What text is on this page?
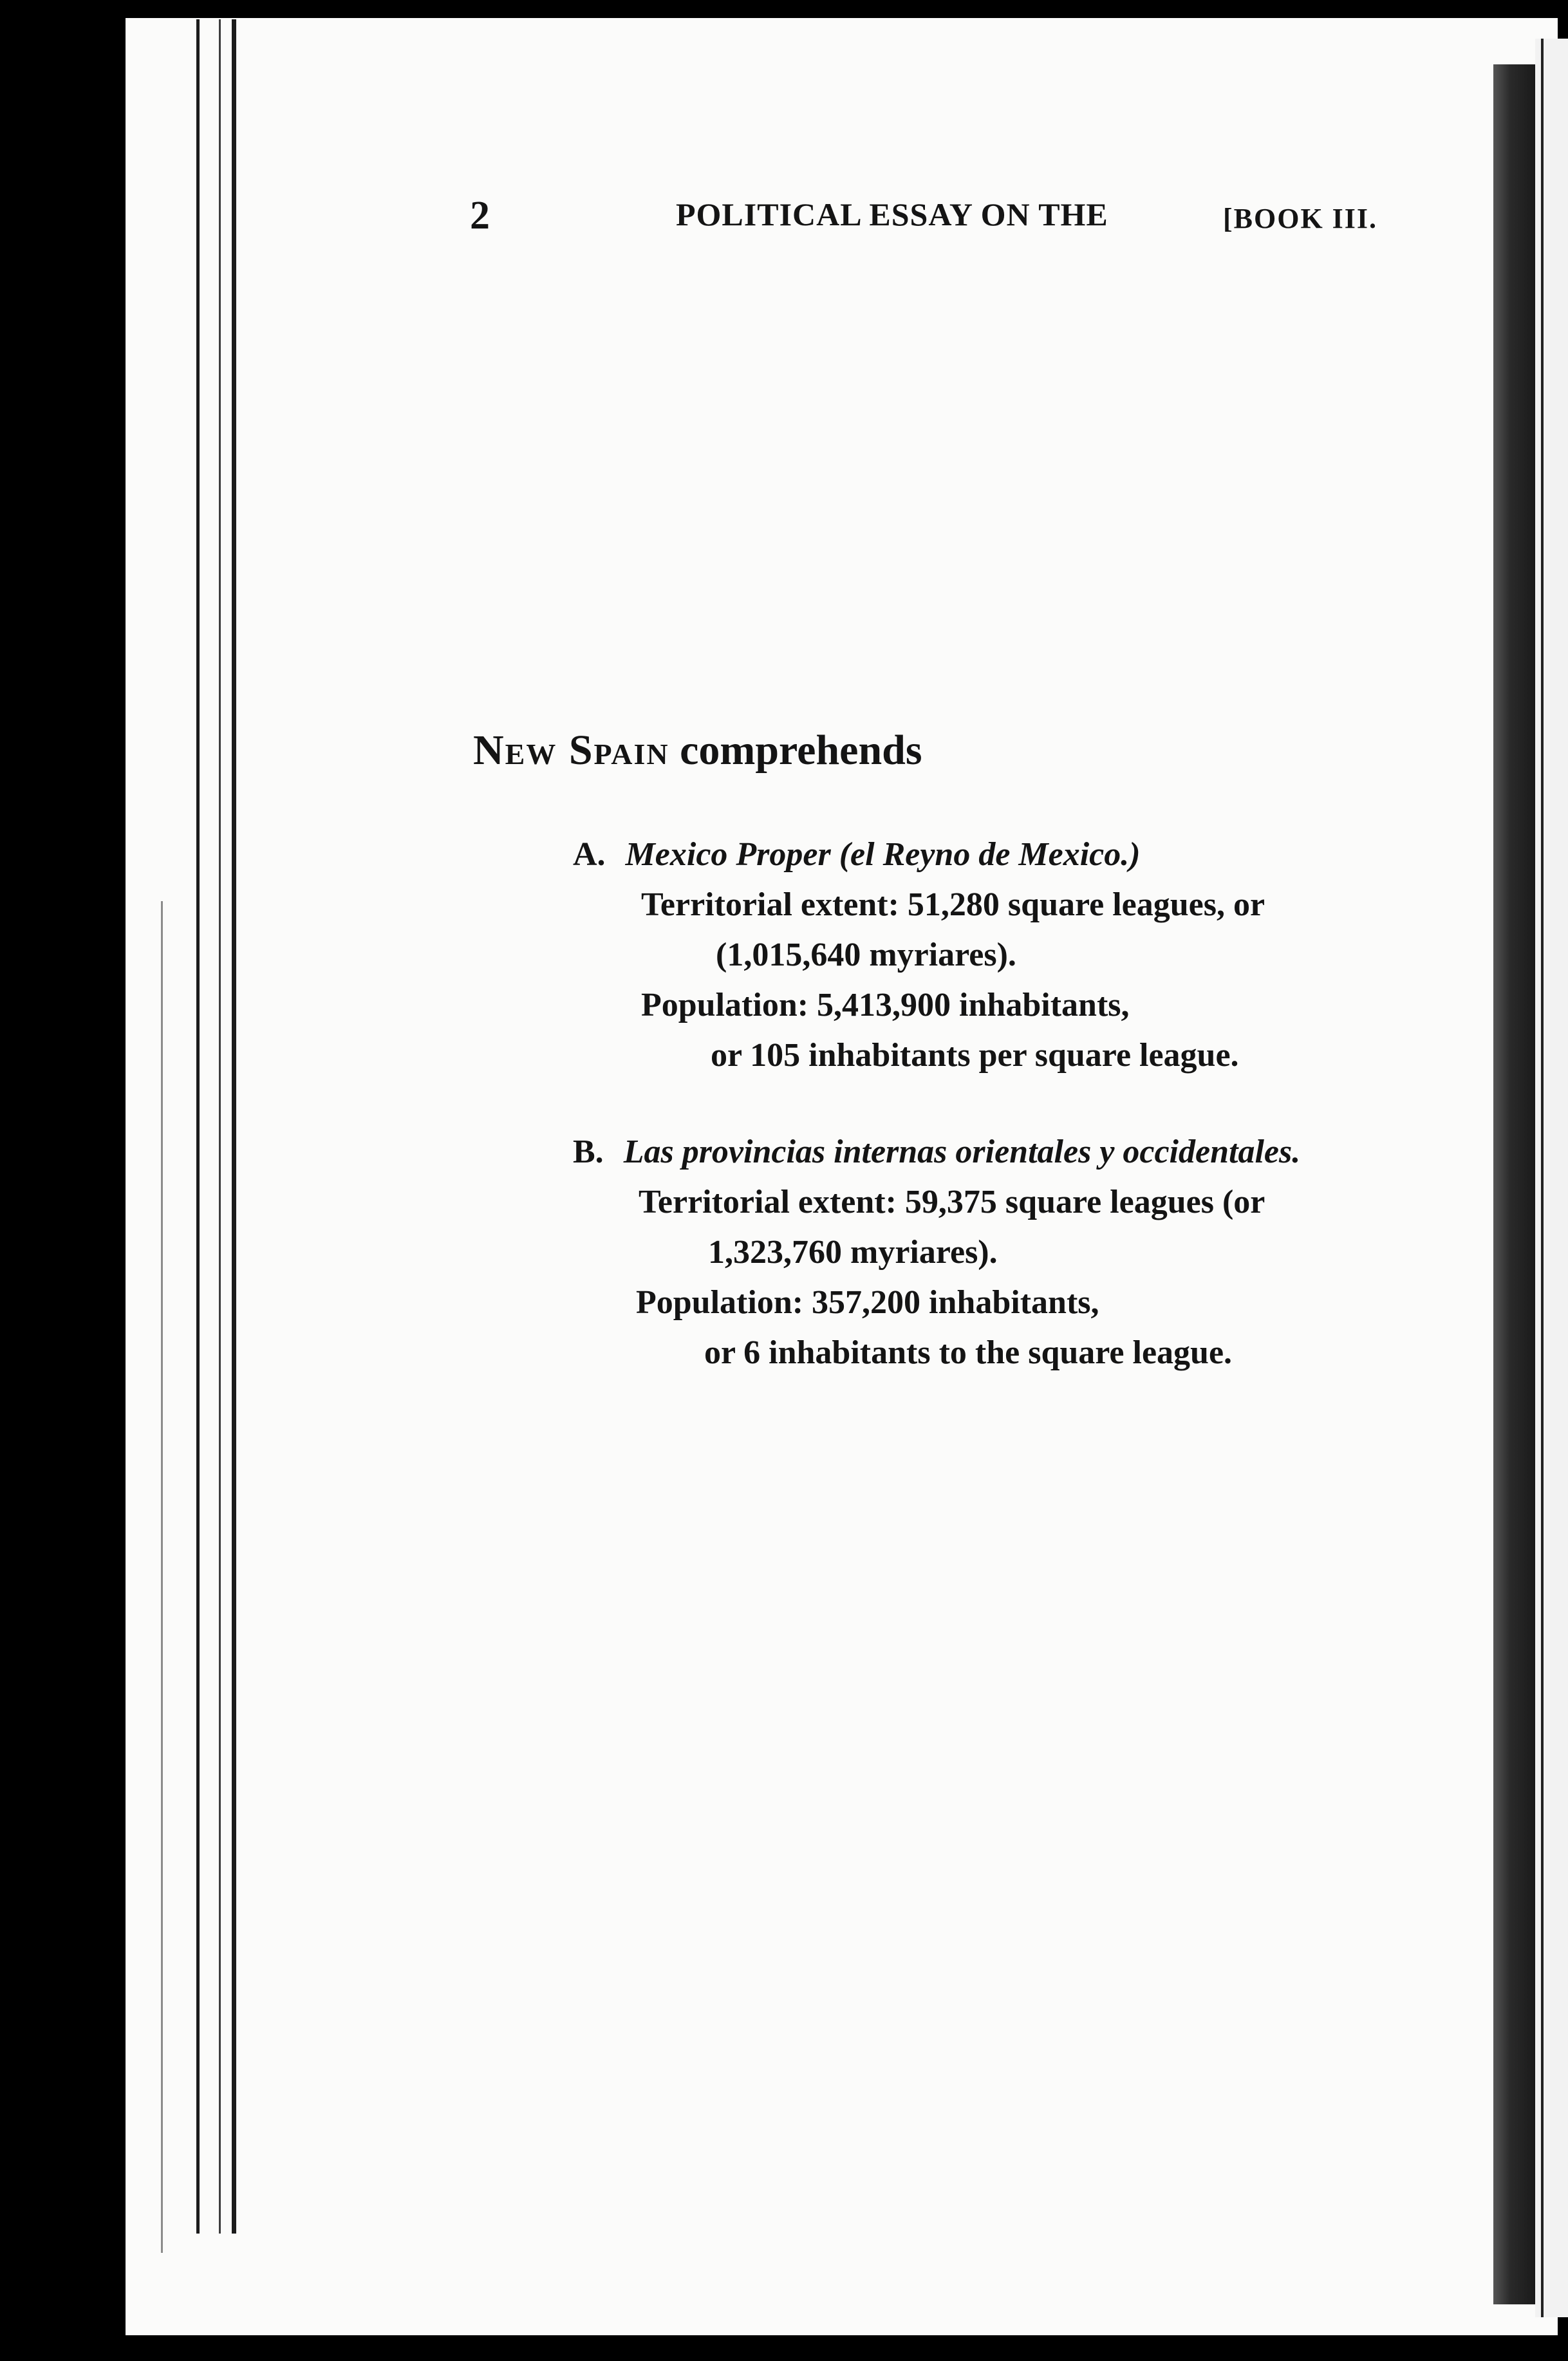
2	POLITICAL ESSAY ON THE	[BOOK III.
New Spain comprehends
A. Mexico Proper (el Reyno de Mexico.)
Territorial extent: 51,280 square leagues, or
(1,015,640 myriares).
Population: 5,413,900 inhabitants,
or 105 inhabitants per square league.
B. Las provincias internas orientales y occidentales.
Territorial extent: 59,375 square leagues (or
1,323,760 myriares).
Population: 357,200 inhabitants,
or 6 inhabitants to the square league.
